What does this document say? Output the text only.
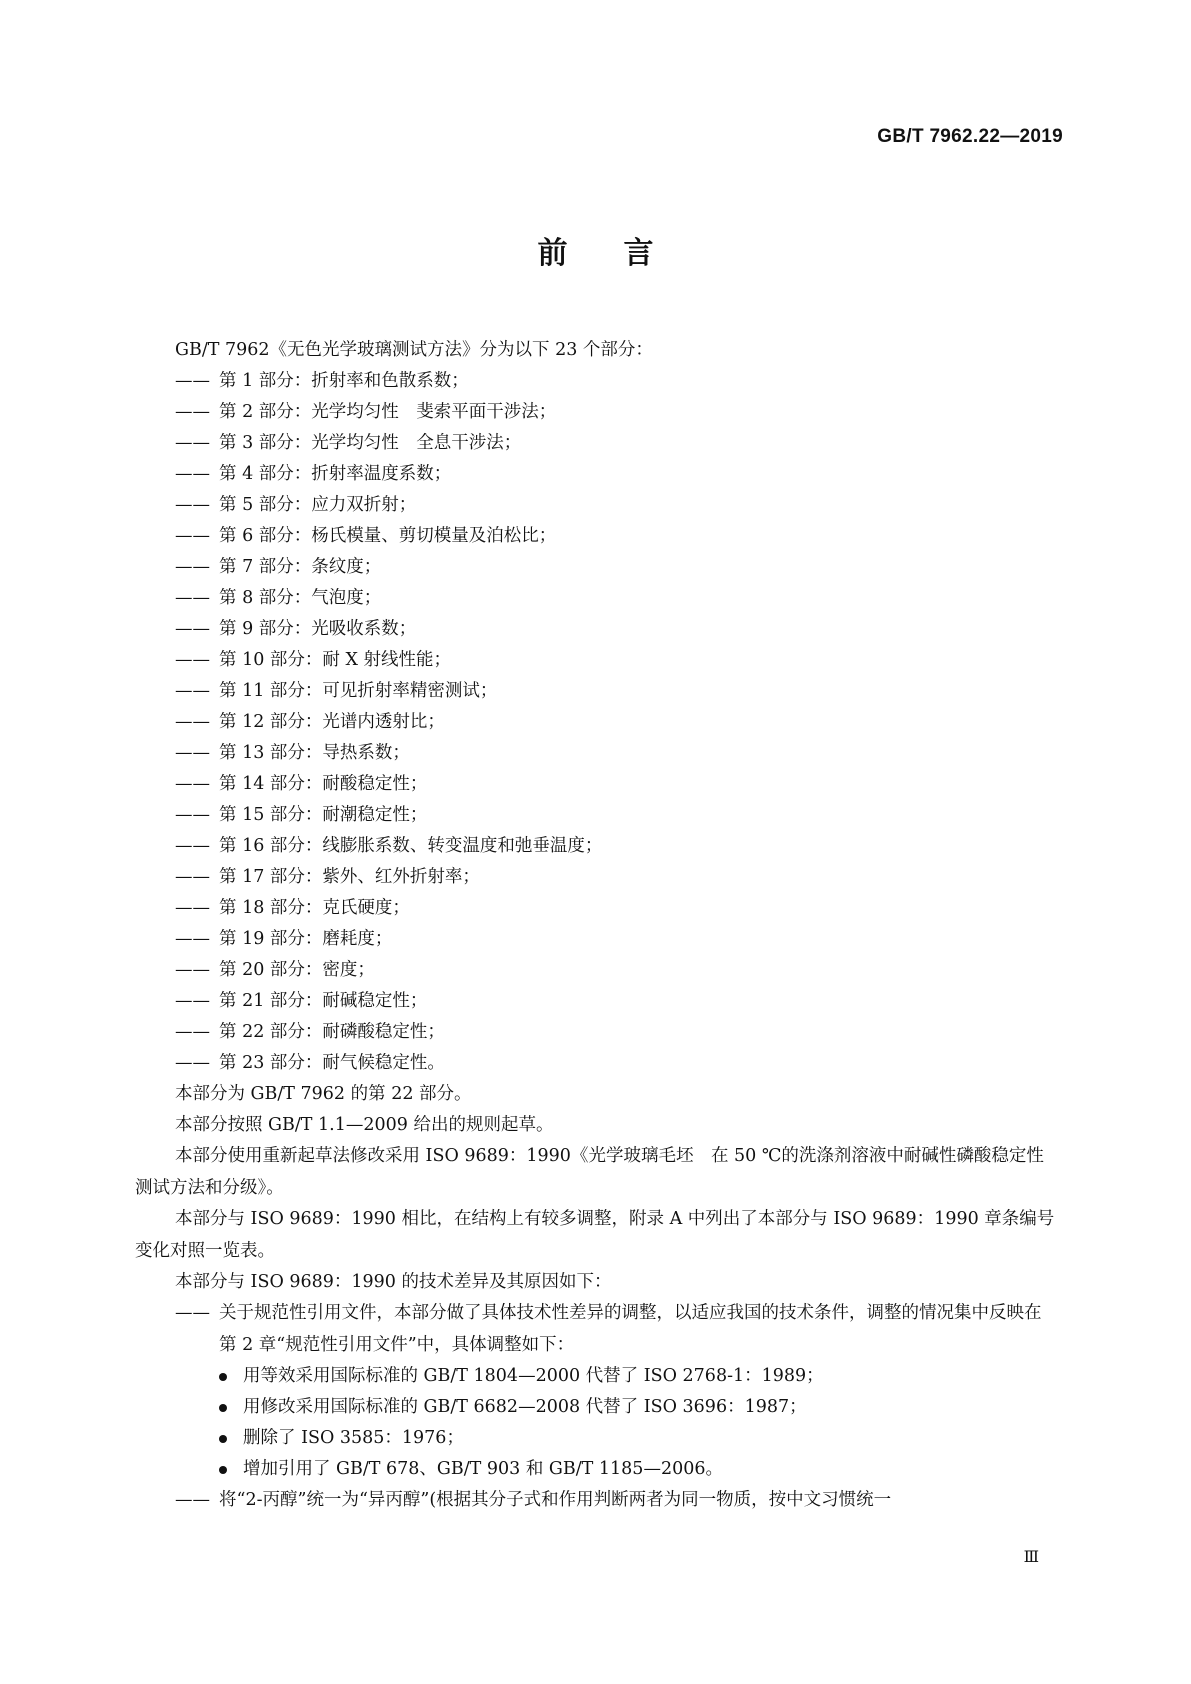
GB/T 7962.22—2019
前言
GB/T 7962《无色光学玻璃测试方法》分为以下 23 个部分：
—— 第 1 部分：折射率和色散系数；
—— 第 2 部分：光学均匀性　斐索平面干涉法；
—— 第 3 部分：光学均匀性　全息干涉法；
—— 第 4 部分：折射率温度系数；
—— 第 5 部分：应力双折射；
—— 第 6 部分：杨氏模量、剪切模量及泊松比；
—— 第 7 部分：条纹度；
—— 第 8 部分：气泡度；
—— 第 9 部分：光吸收系数；
—— 第 10 部分：耐 X 射线性能；
—— 第 11 部分：可见折射率精密测试；
—— 第 12 部分：光谱内透射比；
—— 第 13 部分：导热系数；
—— 第 14 部分：耐酸稳定性；
—— 第 15 部分：耐潮稳定性；
—— 第 16 部分：线膨胀系数、转变温度和弛垂温度；
—— 第 17 部分：紫外、红外折射率；
—— 第 18 部分：克氏硬度；
—— 第 19 部分：磨耗度；
—— 第 20 部分：密度；
—— 第 21 部分：耐碱稳定性；
—— 第 22 部分：耐磷酸稳定性；
—— 第 23 部分：耐气候稳定性。
本部分为 GB/T 7962 的第 22 部分。
本部分按照 GB/T 1.1—2009 给出的规则起草。
本部分使用重新起草法修改采用 ISO 9689：1990《光学玻璃毛坯　在 50 ℃的洗涤剂溶液中耐碱性磷酸稳定性　测试方法和分级》。
本部分与 ISO 9689：1990 相比，在结构上有较多调整，附录 A 中列出了本部分与 ISO 9689：1990 章条编号变化对照一览表。
本部分与 ISO 9689：1990 的技术差异及其原因如下：
—— 关于规范性引用文件，本部分做了具体技术性差异的调整，以适应我国的技术条件，调整的情况集中反映在第 2 章“规范性引用文件”中，具体调整如下：
用等效采用国际标准的 GB/T 1804—2000 代替了 ISO 2768-1：1989；
用修改采用国际标准的 GB/T 6682—2008 代替了 ISO 3696：1987；
删除了 ISO 3585：1976；
增加引用了 GB/T 678、GB/T 903 和 GB/T 1185—2006。
—— 将“2-丙醇”统一为“异丙醇”(根据其分子式和作用判断两者为同一物质，按中文习惯统一
Ⅲ
